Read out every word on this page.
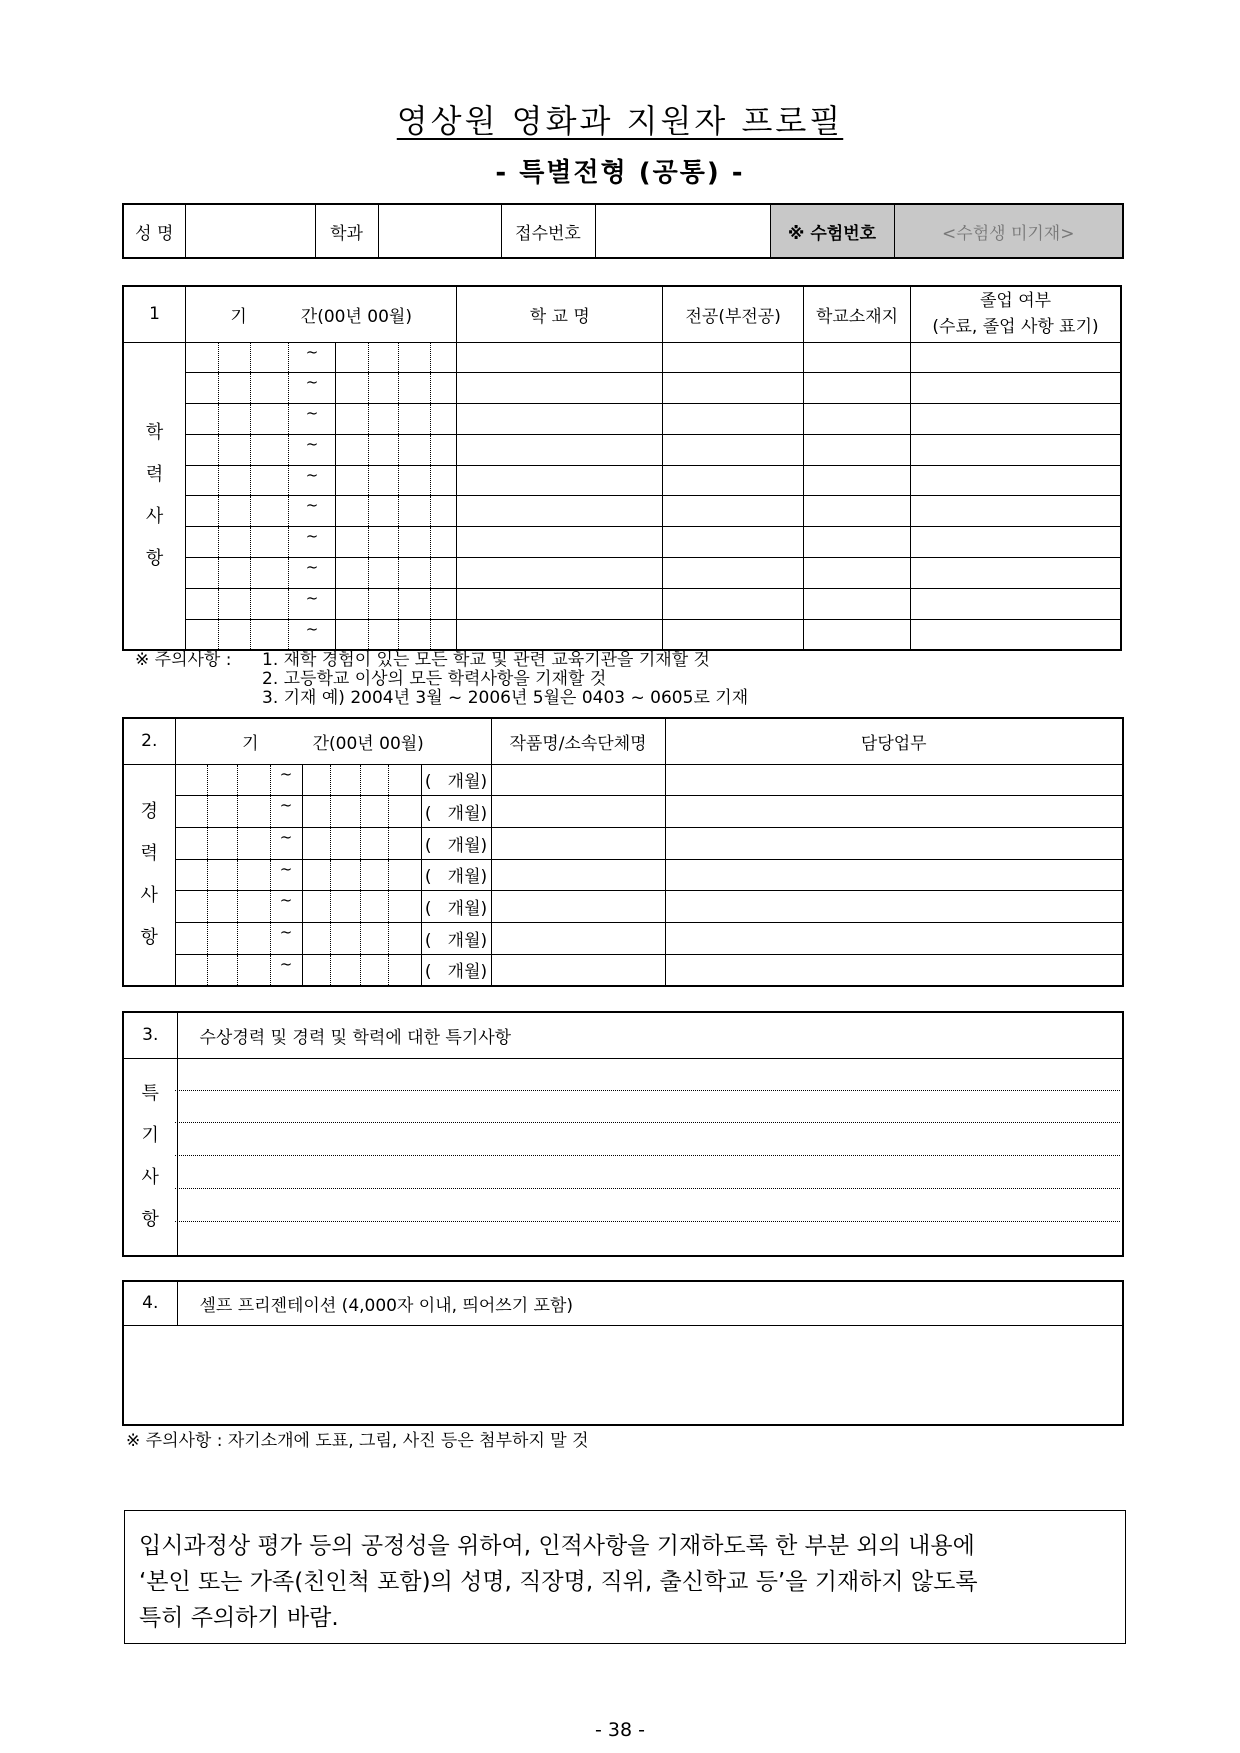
영상원 영화과 지원자 프로필
- 특별전형 (공통) -
성 명		학과		접수번호		※ 수험번호	<수험생 미기재>
1	기          간(00년 00월)								학 교 명	전공(부전공)	학교소재지	졸업 여부
(수료, 졸업 사항 표기)

학
력
사
항				~								
				~								
				~								
				~								
				~								
				~								
				~								
				~								
				~								
				~								
※ 주의사항 : 1. 재학 경험이 있는 모든 학교 및 관련 교육기관을 기재할 것
2. 고등학교 이상의 모든 학력사항을 기재할 것
3. 기재 예) 2004년 3월 ~ 2006년 5월은 0403 ~ 0605로 기재
2.	기          간(00년 00월)									작품명/소속단체명	담당업무

경
력
사
항				~					(   개월)		
				~					(   개월)		
				~					(   개월)		
				~					(   개월)		
				~					(   개월)		
				~					(   개월)		
				~					(   개월)		
3.	수상경력 및 경력 및 학력에 대한 특기사항

특
기
사
항	

4.	셀프 프리젠테이션 (4,000자 이내, 띄어쓰기 포함)

※ 주의사항 : 자기소개에 도표, 그림, 사진 등은 첨부하지 말 것
입시과정상 평가 등의 공정성을 위하여, 인적사항을 기재하도록 한 부분 외의 내용에
‘본인 또는 가족(친인척 포함)의 성명, 직장명, 직위, 출신학교 등’을 기재하지 않도록
특히 주의하기 바람.
- 38 -
